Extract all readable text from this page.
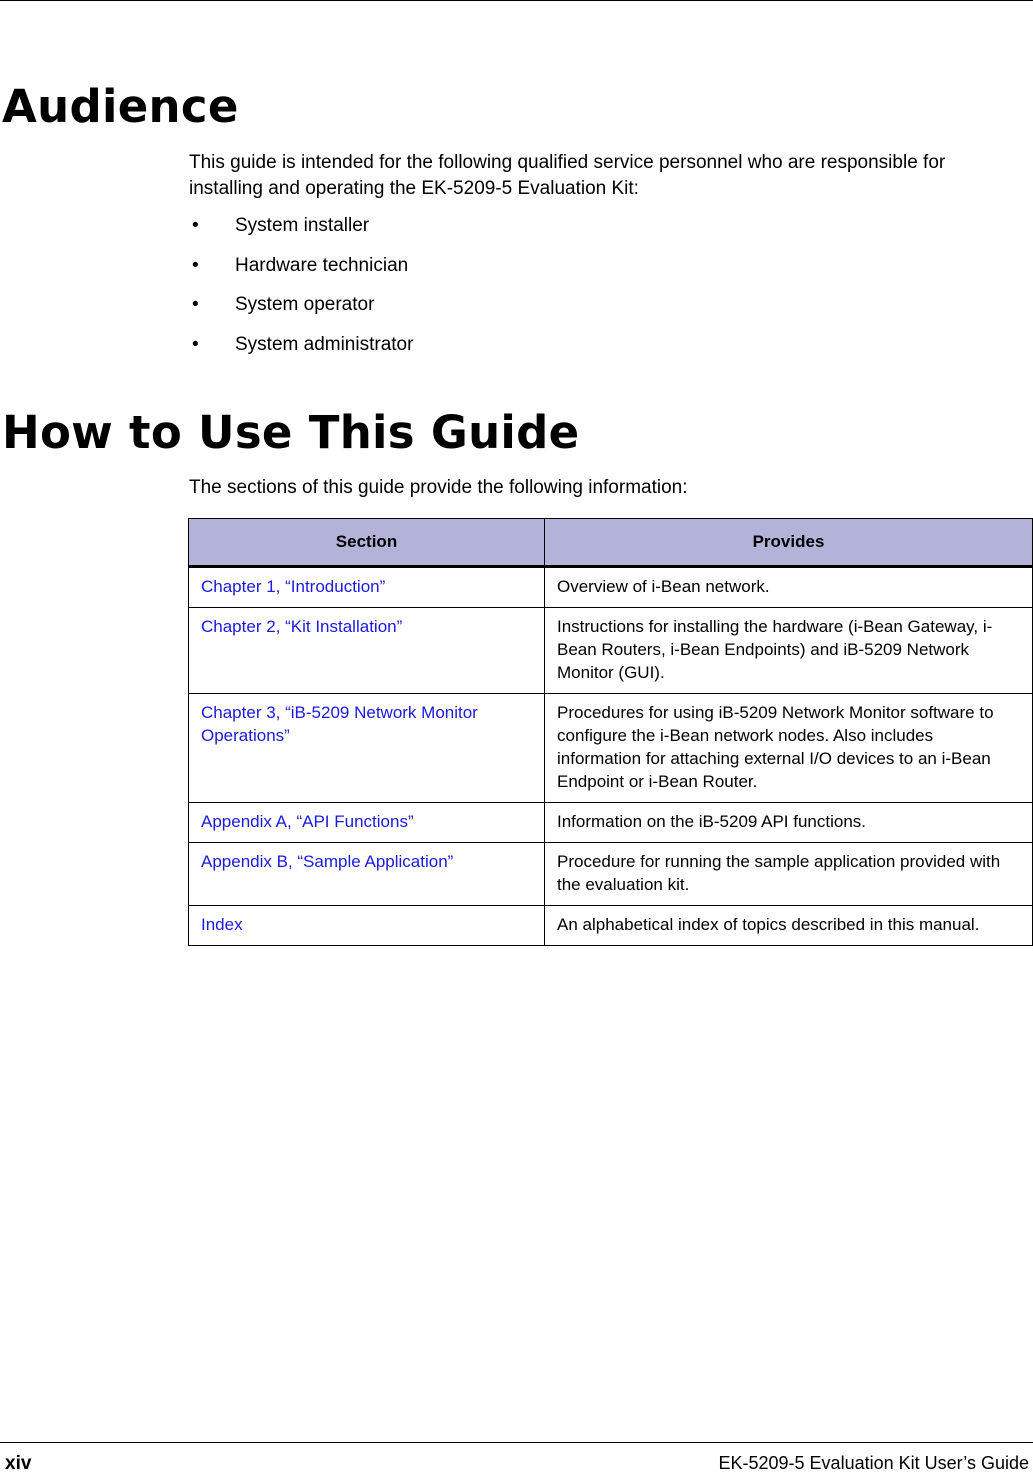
Audience

This guide is intended for the following qualified service personnel who are responsible for installing and operating the EK-5209-5 Evaluation Kit:

• System installer
• Hardware technician
• System operator
• System administrator
How to Use This Guide

The sections of this guide provide the following information:

Section	Provides
Chapter 1, “Introduction”	Overview of i-Bean network.
Chapter 2, “Kit Installation”	Instructions for installing the hardware (i-Bean Gateway, i-Bean Routers, i-Bean Endpoints) and iB-5209 Network Monitor (GUI).
Chapter 3, “iB-5209 Network Monitor Operations”	Procedures for using iB-5209 Network Monitor software to configure the i-Bean network nodes. Also includes information for attaching external I/O devices to an i-Bean Endpoint or i-Bean Router.
Appendix A, “API Functions”	Information on the iB-5209 API functions.
Appendix B, “Sample Application”	Procedure for running the sample application provided with the evaluation kit.
Index	An alphabetical index of topics described in this manual.
xiv	EK-5209-5 Evaluation Kit User’s Guide
